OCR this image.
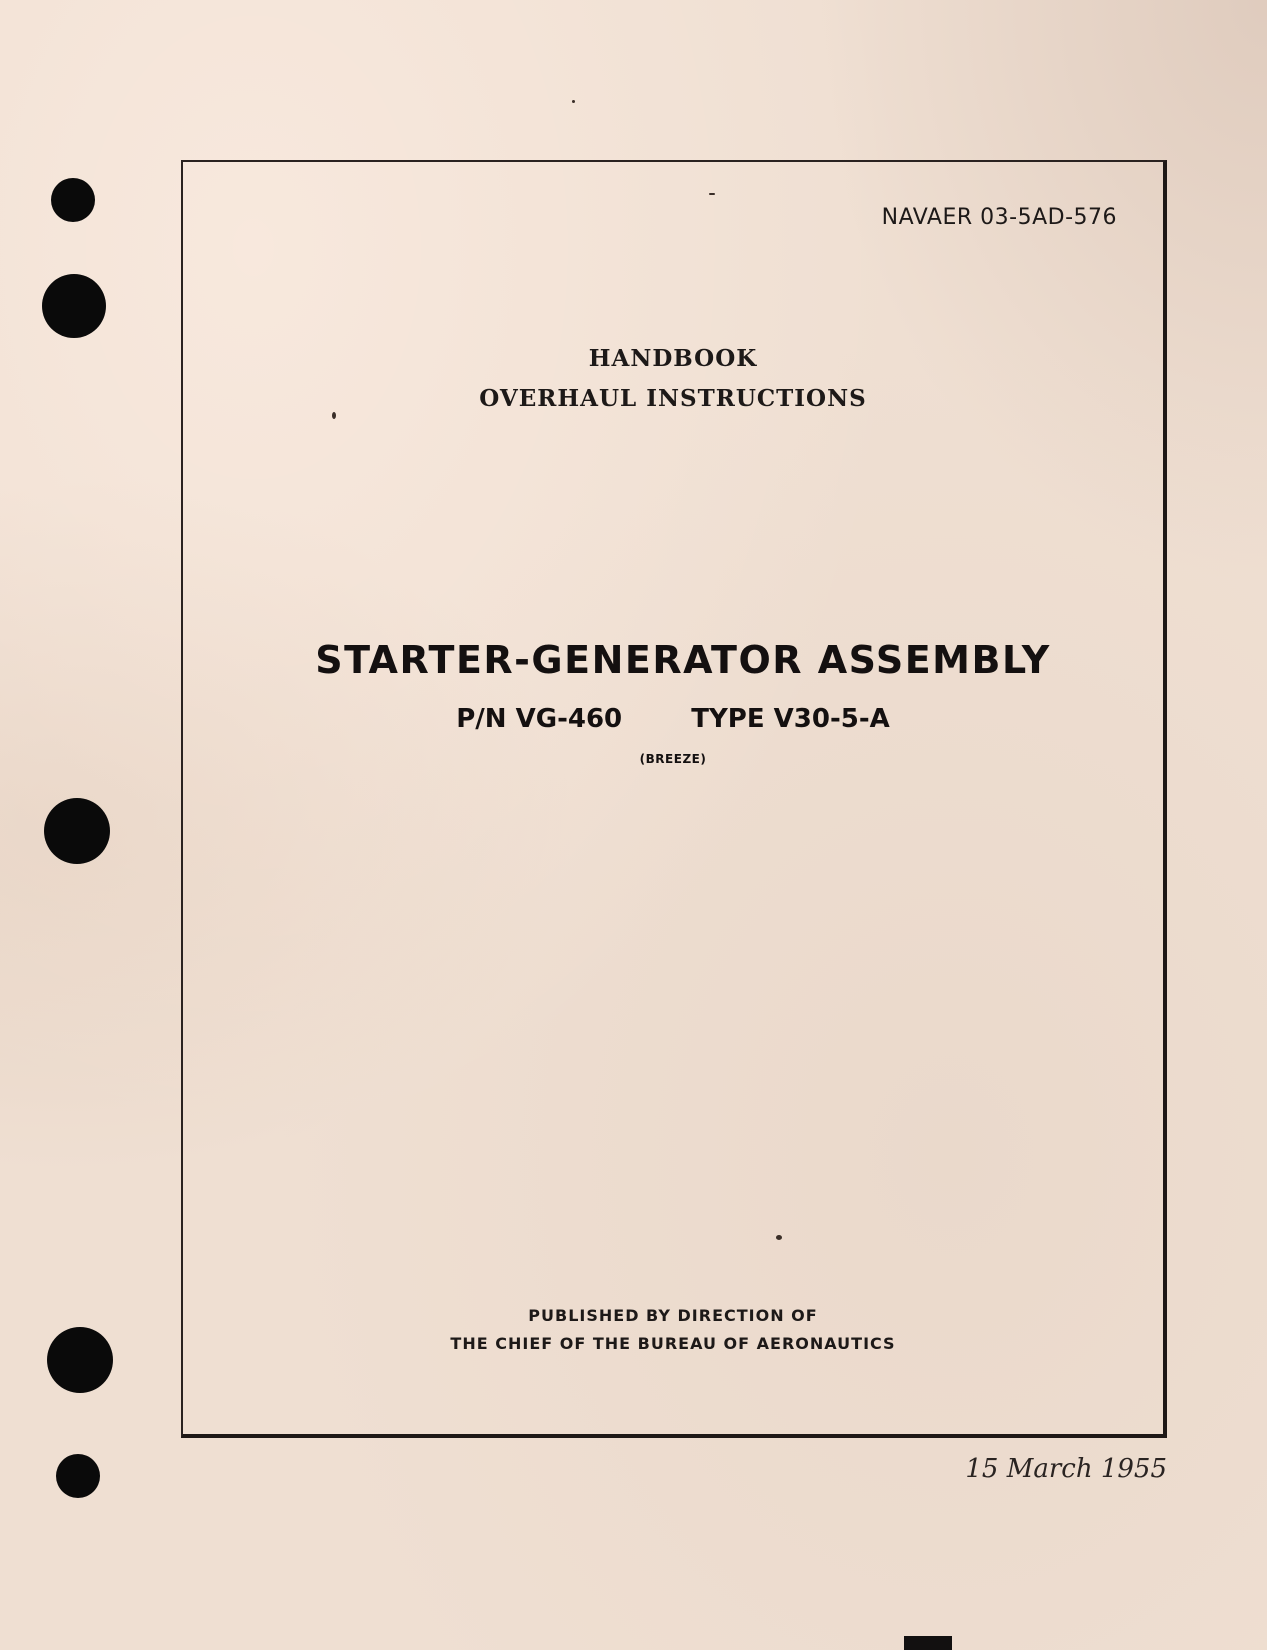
NAVAER 03-5AD-576
HANDBOOK
OVERHAUL INSTRUCTIONS
STARTER-GENERATOR ASSEMBLY
P/N VG-460	TYPE V30-5-A
(BREEZE)
PUBLISHED BY DIRECTION OF
THE CHIEF OF THE BUREAU OF AERONAUTICS
15 March 1955
